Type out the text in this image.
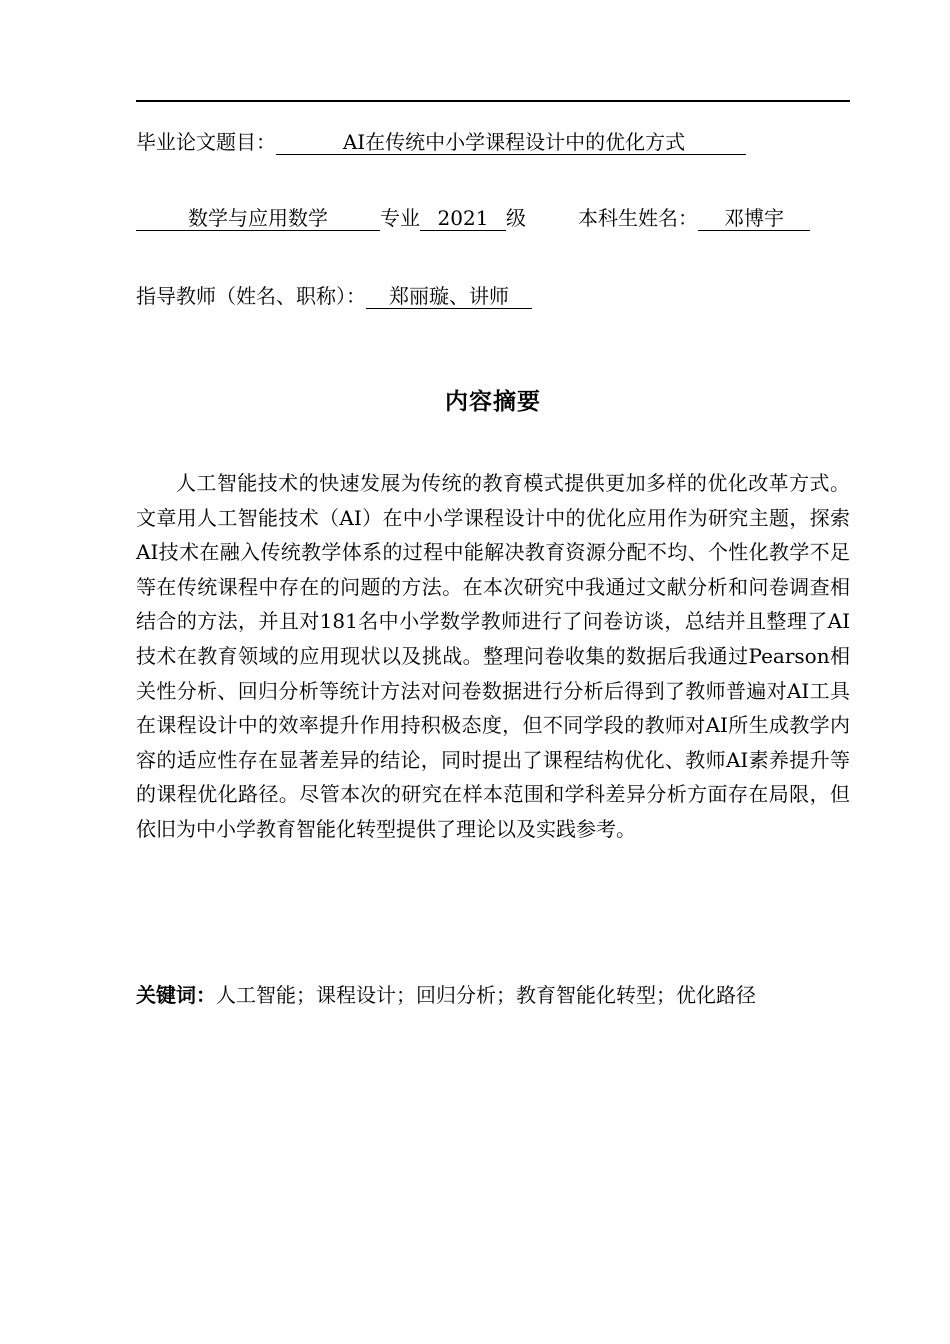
毕业论文题目：	AI在传统中小学课程设计中的优化方式
数学与应用数学	专业 2021 级	本科生姓名： 邓博宇
指导教师（姓名、职称）： 郑丽璇、讲师
内容摘要

人工智能技术的快速发展为传统的教育模式提供更加多样的优化改革方式。文章用人工智能技术（AI）在中小学课程设计中的优化应用作为研究主题，探索AI技术在融入传统教学体系的过程中能解决教育资源分配不均、个性化教学不足等在传统课程中存在的问题的方法。在本次研究中我通过文献分析和问卷调查相结合的方法，并且对181名中小学数学教师进行了问卷访谈，总结并且整理了AI技术在教育领域的应用现状以及挑战。整理问卷收集的数据后我通过Pearson相关性分析、回归分析等统计方法对问卷数据进行分析后得到了教师普遍对AI工具在课程设计中的效率提升作用持积极态度，但不同学段的教师对AI所生成教学内容的适应性存在显著差异的结论，同时提出了课程结构优化、教师AI素养提升等的课程优化路径。尽管本次的研究在样本范围和学科差异分析方面存在局限，但依旧为中小学教育智能化转型提供了理论以及实践参考。

关键词：人工智能；课程设计；回归分析；教育智能化转型；优化路径
